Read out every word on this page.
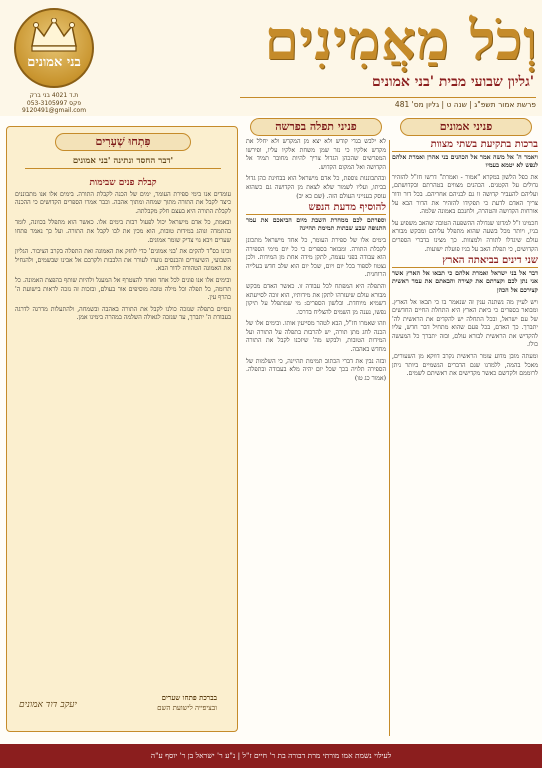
בני אמונים
ת.ד 4021 בני ברק
053-3105997 פקס
9120491@gmail.com
וְכֹל מַאֲמִינִים
גליון שבועי מבית 'בני אמונים'
פרשת אמור תשפ"ג | שנה ט | גליון מס' 481
פניני אמונים
פניני תפלה בפרשה
ברכות בתקיעת בשתי מצוות

ויאמר ה' אל משה אמר אל הכהנים בני אהרן ואמרת אלהם לנפש לא יטמא בעמיו

את כפל הלשון במקרא "אמור - ואמרת" דרשו חז"ל להזהיר גדולים על הקטנים. הכהנים מצווים בטהרתם ובקדושתם, ועליהם להעביר קדושה זו גם לבניהם אחריהם. בכל דור ודור צריך האדם לדעת כי תפקידו להזהיר את הדור הבא על אורחות הקדושה והטהרה, ולחנכם באמונה שלמה.

חכמינו ז"ל למדונו שגדולה ההשפעה הטובה שהאב משפיע על בניו, ויותר מכל בשעה שהוא מתפלל עליהם ומבקש מבורא עולם שיגדלו לתורה ולמצוות. כך מצינו בדברי הספרים הקדושים, כי תפלת האב על בניו פועלת ישועות.

שני דינים בביאתה הארץ

דבר אל בני ישראל ואמרת אלהם כי תבאו אל הארץ אשר אני נתן לכם וקצרתם את קצירה והבאתם את עמר ראשית קצירכם אל הכהן

ויש לעיין מה נשתנה ענין זה שנאמר בו כי תבאו אל הארץ. ומבואר בספרים כי ביאת הארץ היא התחלת החיים החדשים של עם ישראל, ובכל התחלה יש להקדים את הראשית לה' יתברך. כך האדם, בכל פעם שהוא מתחיל דבר חדש, עליו להקדיש את הראשית לבורא עולם, ובזה יתברך כל המעשה כולו.

ומעתה מובן מדוע עומר הראשית נקרב דווקא מן השעורים, מאכל בהמה, ללמדנו שגם הדברים הגשמיים ביותר ניתן לרוממם ולקדשם כאשר מקדישים את ראשיתם לשמים.

לא ילבש בגדי קודש ולא יצא מן המקדש ולא יחלל את מקדש אלקיו כי נזר שמן משחת אלקיו עליו, ופירשו המפרשים שהכהן הגדול צריך להיות מחובר תמיד אל הקדושה ואל המקום הקדוש.

ובהתבוננות נוספת, כל אדם מישראל הוא בבחינת כהן גדול בביתו, ועליו לשמור שלא לצאת מן הקדושה גם כשהוא עוסק בענייני העולם הזה. (שם כא יב)

להוסיף מדעת הנפש

וספרתם לכם ממחרת השבת מיום הביאכם את עמר התנופה שבע שבתות תמימת תהיינה

בימים אלו של ספירת העומר, כל אחד מישראל מתכונן לקבלת התורה. ומבואר בספרים כי כל יום מימי הספירה הוא עבודה בפני עצמה, לתקן מידה אחת מן המידות. ולכן נצטוו לספור בכל יום ויום, שכל יום הוא שלב חדש בעלייה הרוחנית.

והתפלה היא המפתח לכל עבודה זו. כאשר האדם מבקש מבורא עולם שיעזרהו לתקן את מידותיו, הוא זוכה לסייעתא דשמיא מיוחדת. ובלשון הספרים: מי שמתפלל על תיקון נפשו, נענה מן השמים להצליח בדרכו.

וזהו שאמרו חז"ל, הבא לטהר מסייעין אותו. ובימים אלו של הכנה לחג מתן תורה, יש להרבות בתפלה על התורה ועל המידות הטובות, ולבקש מה' שיזכנו לקבל את התורה מחדש באהבה.

ובזה נבין את דברי הכתוב תמימת תהיינה, כי השלמות של הספירה תלויה בכך שכל יום יהיה מלא בעבודה ובתפלה. (אמור כג טו)

פִּתְחוּ שְׁעָרִים
דבר החסד ונתינה 'בני אמונים'
קבלת פנים שבימות

עומדים אנו בימי ספירת העומר, ימים של הכנה לקבלת התורה. בימים אלו אנו מתבוננים כיצד לקבל את התורה מתוך שמחה ומתוך אהבה. וכבר אמרו הספרים הקדושים כי ההכנה לקבלת התורה היא בעצם חלק מקבלתה.

ובאמת, כל אדם מישראל יכול לפעול רבות בימים אלו. כאשר הוא מתפלל בכוונה, לומד בהתמדה ונוהג במידות טובות, הוא מכין את לבו לקבל את התורה. ועל כך נאמר פתחו שערים ויבא גוי צדיק שומר אמונים.

זכינו בס"ד להקים את 'בני אמונים' כדי לחזק את האמונה ואת התפלה בקרב הציבור. הגליון השבועי, השיעורים והכנסים נועדו לעורר את הלבבות ולקרבם אל אבינו שבשמים, ולהנחיל את האמונה הטהורה לדור הבא.

ובימים אלו אנו פונים לכל אחד ואחד להצטרף אל המעגל ולהיות שותף בהפצת האמונה. כל תרומה, כל תפלה וכל מילה טובה מוסיפים אור בעולם, ובזכות זה נזכה לראות בישועת ה' כהרף עין.

ונסיים בתפלה שנזכה כולנו לקבל את התורה באהבה ובשמחה, ולהתעלות מדרגה לדרגה בעבודת ה' יתברך, עד שנזכה לגאולה השלמה במהרה בימינו אמן.

בברכת פתחו שערים
ובציפייה לישועת השם
יעקב דוד אמונים
לעילוי נשמת אמו מורתי מרת דבורה בת ר' חיים ז"ל | נ"ע ר' ישראל בן ר' יוסף ע"ה
